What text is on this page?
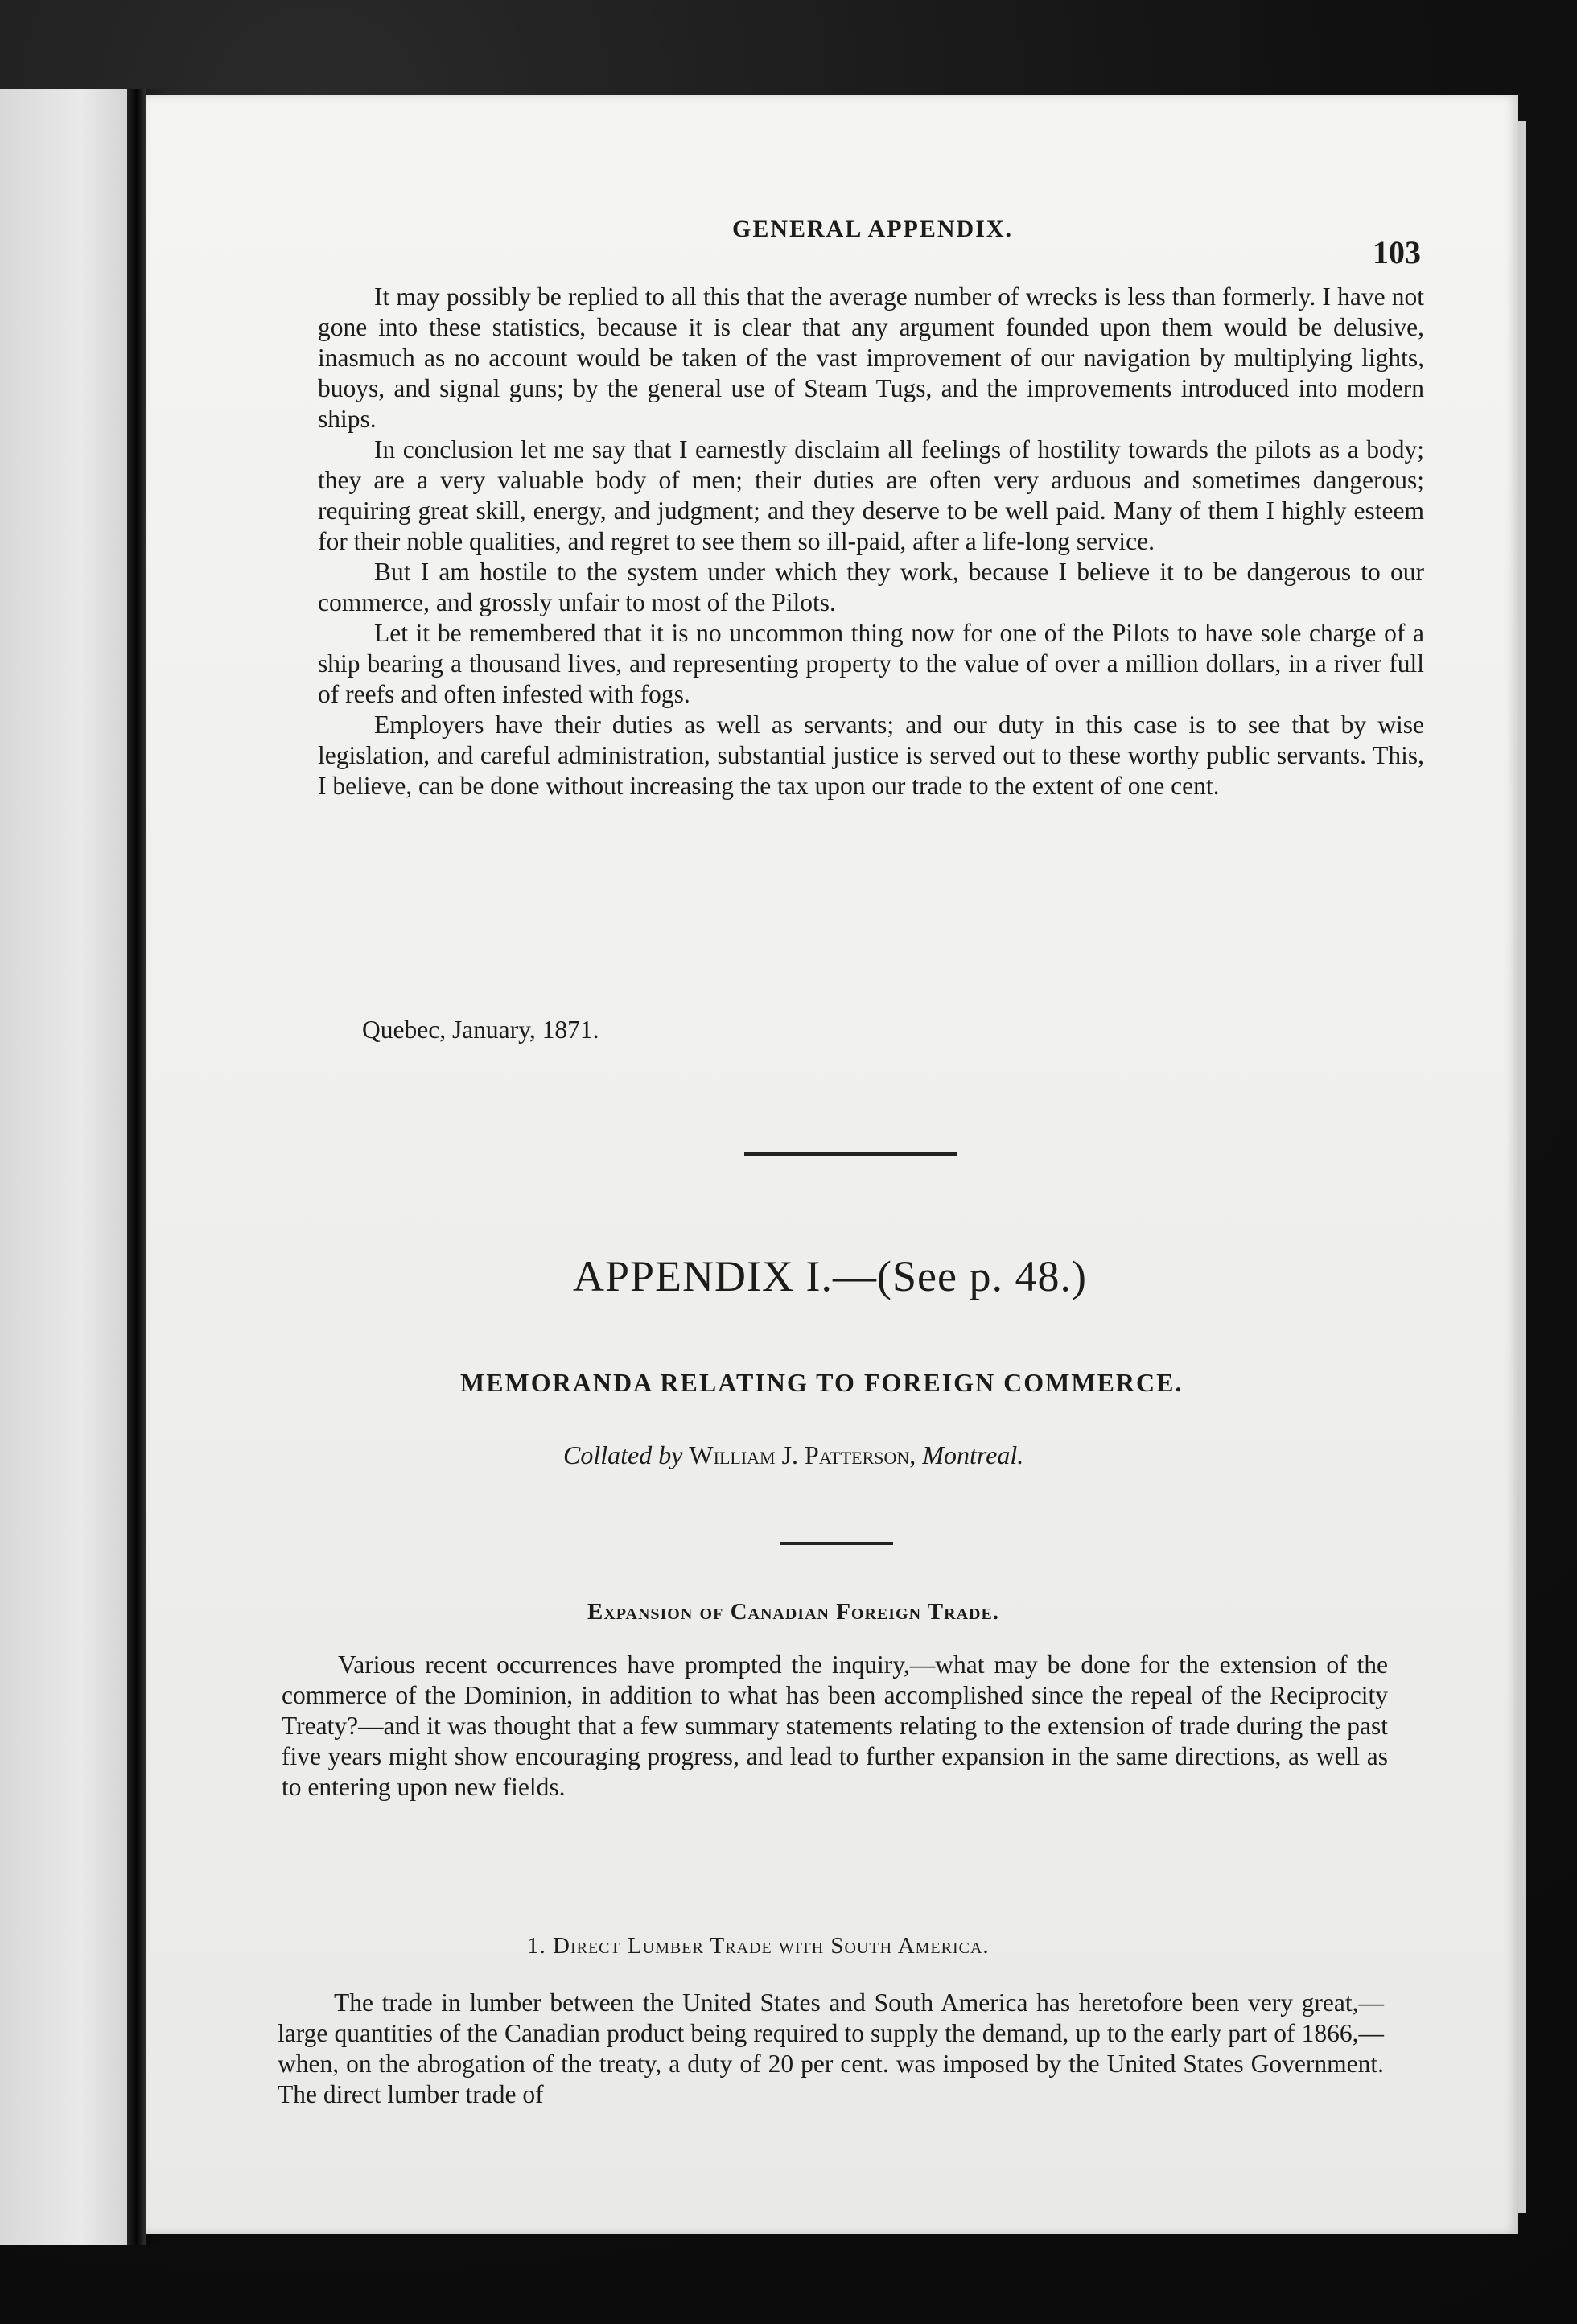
GENERAL APPENDIX.
103

It may possibly be replied to all this that the average number of wrecks is less than formerly. I have not gone into these statistics, because it is clear that any argument founded upon them would be delusive, inasmuch as no account would be taken of the vast improvement of our navigation by multiplying lights, buoys, and signal guns; by the general use of Steam Tugs, and the improvements introduced into modern ships.

In conclusion let me say that I earnestly disclaim all feelings of hostility towards the pilots as a body; they are a very valuable body of men; their duties are often very arduous and sometimes dangerous; requiring great skill, energy, and judgment; and they deserve to be well paid. Many of them I highly esteem for their noble qualities, and regret to see them so ill-paid, after a life-long service.

But I am hostile to the system under which they work, because I believe it to be dangerous to our commerce, and grossly unfair to most of the Pilots.

Let it be remembered that it is no uncommon thing now for one of the Pilots to have sole charge of a ship bearing a thousand lives, and representing property to the value of over a million dollars, in a river full of reefs and often infested with fogs.

Employers have their duties as well as servants; and our duty in this case is to see that by wise legislation, and careful administration, substantial justice is served out to these worthy public servants. This, I believe, can be done without increasing the tax upon our trade to the extent of one cent.

Quebec, January, 1871.
APPENDIX I.—(See p. 48.)
MEMORANDA RELATING TO FOREIGN COMMERCE.
Collated by William J. Patterson, Montreal.
Expansion of Canadian Foreign Trade.

Various recent occurrences have prompted the inquiry,—what may be done for the extension of the commerce of the Dominion, in addition to what has been accomplished since the repeal of the Reciprocity Treaty?—and it was thought that a few summary statements relating to the extension of trade during the past five years might show encouraging progress, and lead to further expansion in the same directions, as well as to entering upon new fields.

1. Direct Lumber Trade with South America.

The trade in lumber between the United States and South America has heretofore been very great,—large quantities of the Canadian product being required to supply the demand, up to the early part of 1866,—when, on the abrogation of the treaty, a duty of 20 per cent. was imposed by the United States Government. The direct lumber trade of
